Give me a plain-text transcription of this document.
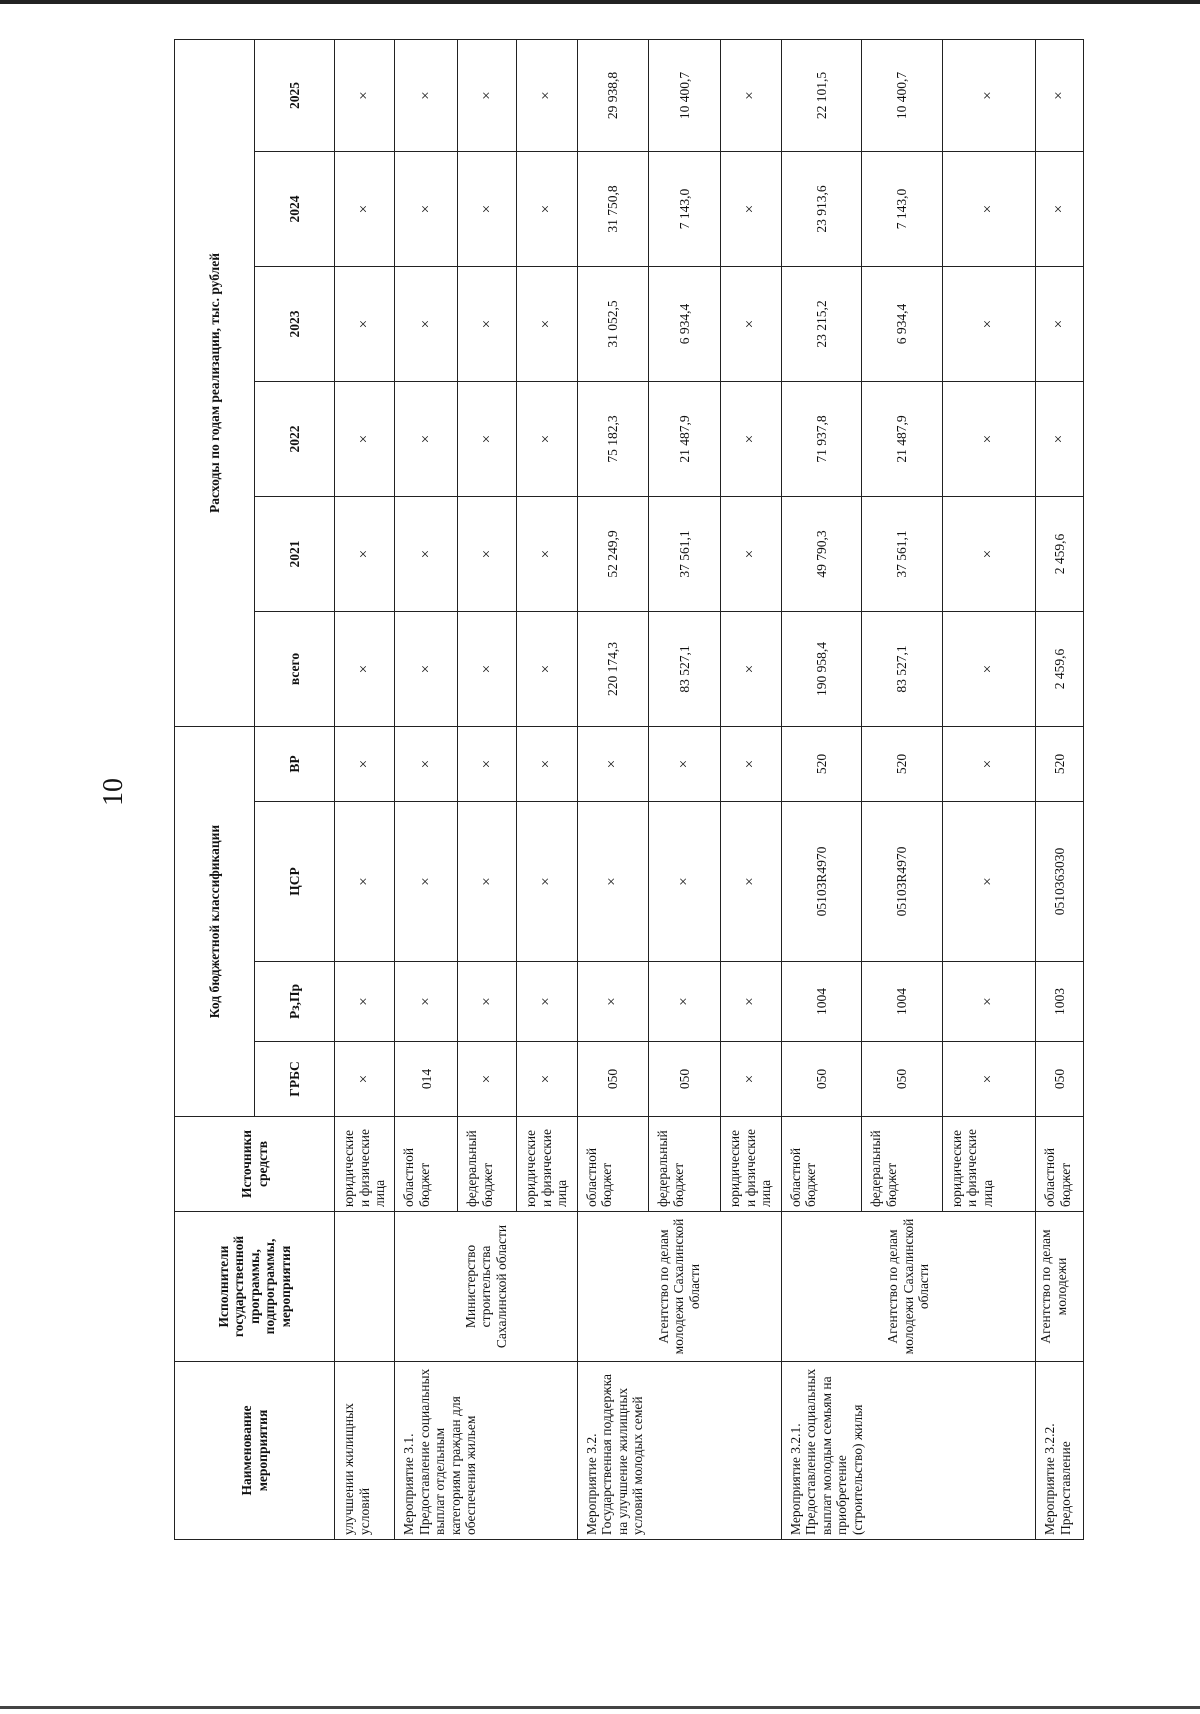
10
Наименование мероприятия	Исполнители государственной программы, подпрограммы, мероприятия	Источники средств	Код бюджетной классификации				Расходы по годам реализации, тыс. рублей					
			ГРБС	Рз,Пр	ЦСР	ВР	всего	2021	2022	2023	2024	2025
улучшении жилищных условий		юридические и физические лица	×	×	×	×	×	×	×	×	×	×
Мероприятие 3.1. Предоставление социальных выплат отдельным категориям граждан для обеспечения жильем	Министерство строительства Сахалинской области	областной бюджет	014	×	×	×	×	×	×	×	×	×
		федеральный бюджет	×	×	×	×	×	×	×	×	×	×
		юридические и физические лица	×	×	×	×	×	×	×	×	×	×
Мероприятие 3.2. Государственная поддержка на улучшение жилищных условий молодых семей	Агентство по делам молодежи Сахалинской области	областной бюджет	050	×	×	×	220 174,3	52 249,9	75 182,3	31 052,5	31 750,8	29 938,8
		федеральный бюджет	050	×	×	×	83 527,1	37 561,1	21 487,9	6 934,4	7 143,0	10 400,7
		юридические и физические лица	×	×	×	×	×	×	×	×	×	×
Мероприятие 3.2.1. Предоставление социальных выплат молодым семьям на приобретение (строительство) жилья	Агентство по делам молодежи Сахалинской области	областной бюджет	050	1004	05103R4970	520	190 958,4	49 790,3	71 937,8	23 215,2	23 913,6	22 101,5
		федеральный бюджет	050	1004	05103R4970	520	83 527,1	37 561,1	21 487,9	6 934,4	7 143,0	10 400,7
		юридические и физические лица	×	×	×	×	×	×	×	×	×	×
Мероприятие 3.2.2. Предоставление	Агентство по делам молодежи	областной бюджет	050	1003	0510363030	520	2 459,6	2 459,6	×	×	×	×
